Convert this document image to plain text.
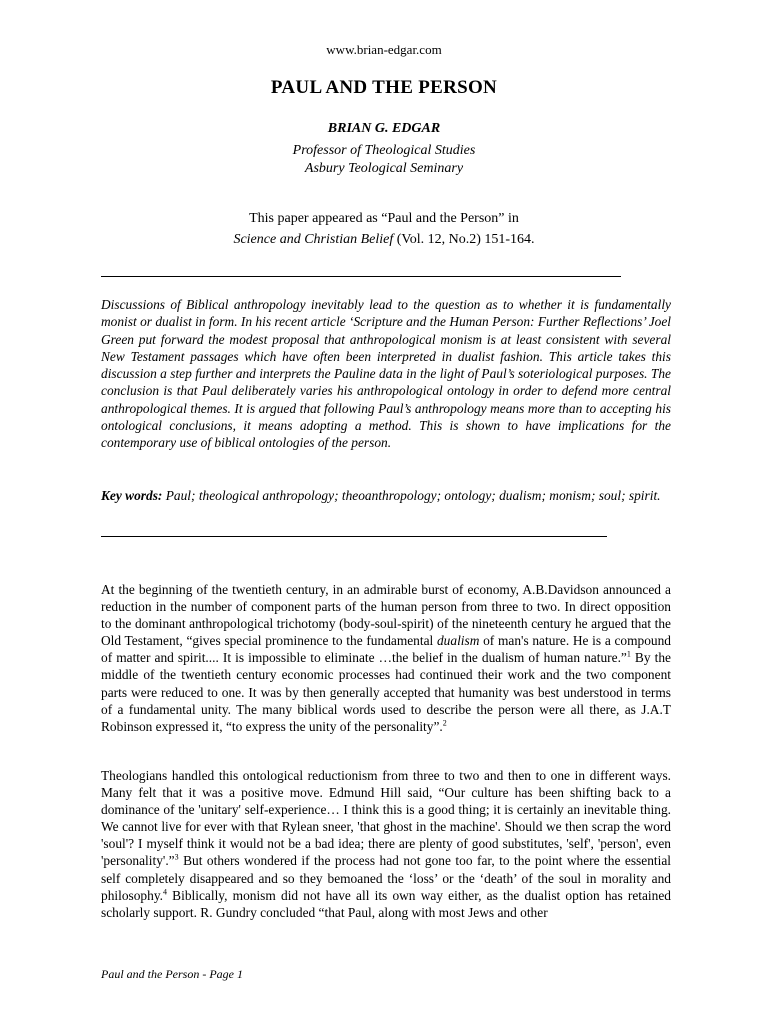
www.brian-edgar.com
PAUL AND THE PERSON
BRIAN G. EDGAR
Professor of Theological Studies
Asbury Teological Seminary
This paper appeared as “Paul and the Person” in
Science and Christian Belief (Vol. 12, No.2) 151-164.
Discussions of Biblical anthropology inevitably lead to the question as to whether it is fundamentally monist or dualist in form. In his recent article ‘Scripture and the Human Person: Further Reflections’ Joel Green put forward the modest proposal that anthropological monism is at least consistent with several New Testament passages which have often been interpreted in dualist fashion. This article takes this discussion a step further and interprets the Pauline data in the light of Paul’s soteriological purposes. The conclusion is that Paul deliberately varies his anthropological ontology in order to defend more central anthropological themes. It is argued that following Paul’s anthropology means more than to accepting his ontological conclusions, it means adopting a method. This is shown to have implications for the contemporary use of biblical ontologies of the person.
Key words: Paul; theological anthropology; theoanthropology; ontology; dualism; monism; soul; spirit.
At the beginning of the twentieth century, in an admirable burst of economy, A.B.Davidson announced a reduction in the number of component parts of the human person from three to two. In direct opposition to the dominant anthropological trichotomy (body-soul-spirit) of the nineteenth century he argued that the Old Testament, “gives special prominence to the fundamental dualism of man's nature. He is a compound of matter and spirit.... It is impossible to eliminate …the belief in the dualism of human nature.”$^1$ By the middle of the twentieth century economic processes had continued their work and the two component parts were reduced to one. It was by then generally accepted that humanity was best understood in terms of a fundamental unity. The many biblical words used to describe the person were all there, as J.A.T Robinson expressed it, “to express the unity of the personality”.$^2$
Theologians handled this ontological reductionism from three to two and then to one in different ways. Many felt that it was a positive move. Edmund Hill said, “Our culture has been shifting back to a dominance of the 'unitary' self-experience… I think this is a good thing; it is certainly an inevitable thing. We cannot live for ever with that Rylean sneer, 'that ghost in the machine'. Should we then scrap the word 'soul'? I myself think it would not be a bad idea; there are plenty of good substitutes, 'self', 'person', even 'personality'.”$^3$ But others wondered if the process had not gone too far, to the point where the essential self completely disappeared and so they bemoaned the ‘loss’ or the ‘death’ of the soul in morality and philosophy.$^4$ Biblically, monism did not have all its own way either, as the dualist option has retained scholarly support. R. Gundry concluded “that Paul, along with most Jews and other
Paul and the Person - Page 1
